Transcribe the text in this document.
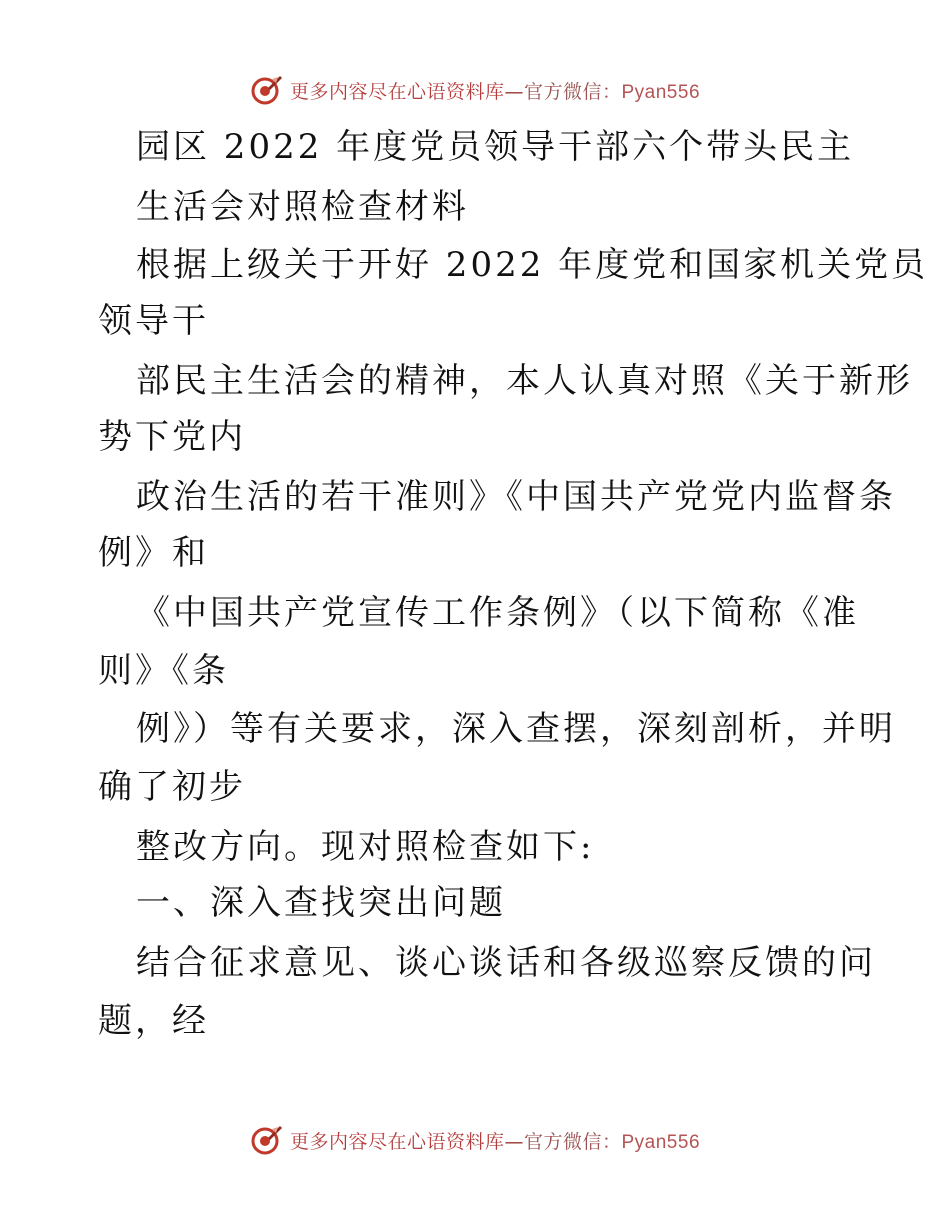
更多内容尽在心语资料库—官方微信：Pyan556
园区 2022 年度党员领导干部六个带头民主
生活会对照检查材料
根据上级关于开好 2022 年度党和国家机关党员
领导干
部民主生活会的精神，本人认真对照《关于新形
势下党内
政治生活的若干准则》《中国共产党党内监督条
例》和
《中国共产党宣传工作条例》（以下简称《准
则》《条
例》）等有关要求，深入查摆，深刻剖析，并明
确了初步
整改方向。现对照检查如下:
一、深入查找突出问题
结合征求意见、谈心谈话和各级巡察反馈的问
题，经
更多内容尽在心语资料库—官方微信：Pyan556
